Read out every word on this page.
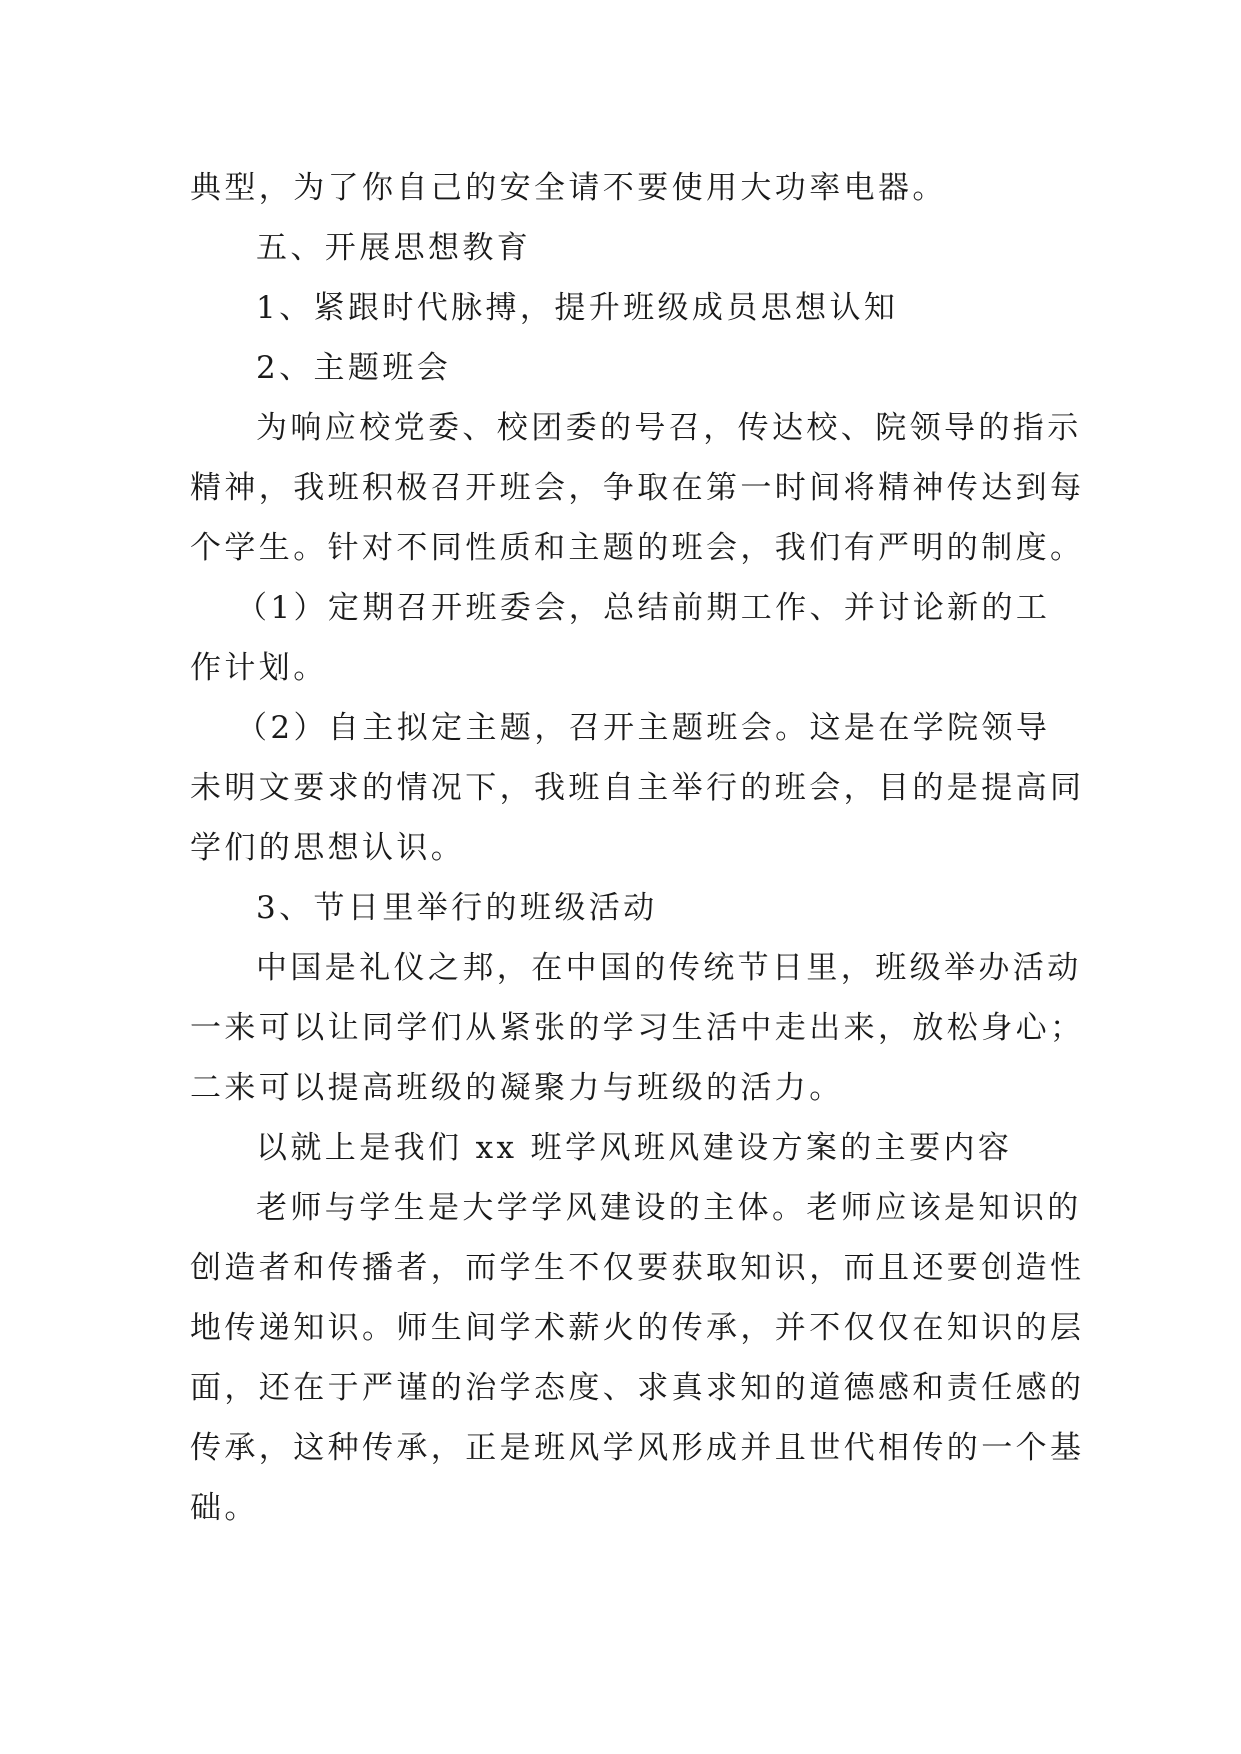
典型，为了你自己的安全请不要使用大功率电器。
五、开展思想教育
1、紧跟时代脉搏，提升班级成员思想认知
2、主题班会
为响应校党委、校团委的号召，传达校、院领导的指示
精神，我班积极召开班会，争取在第一时间将精神传达到每
个学生。针对不同性质和主题的班会，我们有严明的制度。
（1）定期召开班委会，总结前期工作、并讨论新的工
作计划。
（2）自主拟定主题，召开主题班会。这是在学院领导
未明文要求的情况下，我班自主举行的班会，目的是提高同
学们的思想认识。
3、节日里举行的班级活动
中国是礼仪之邦，在中国的传统节日里，班级举办活动
一来可以让同学们从紧张的学习生活中走出来，放松身心；
二来可以提高班级的凝聚力与班级的活力。
以就上是我们 xx 班学风班风建设方案的主要内容
老师与学生是大学学风建设的主体。老师应该是知识的
创造者和传播者，而学生不仅要获取知识，而且还要创造性
地传递知识。师生间学术薪火的传承，并不仅仅在知识的层
面，还在于严谨的治学态度、求真求知的道德感和责任感的
传承，这种传承，正是班风学风形成并且世代相传的一个基
础。
